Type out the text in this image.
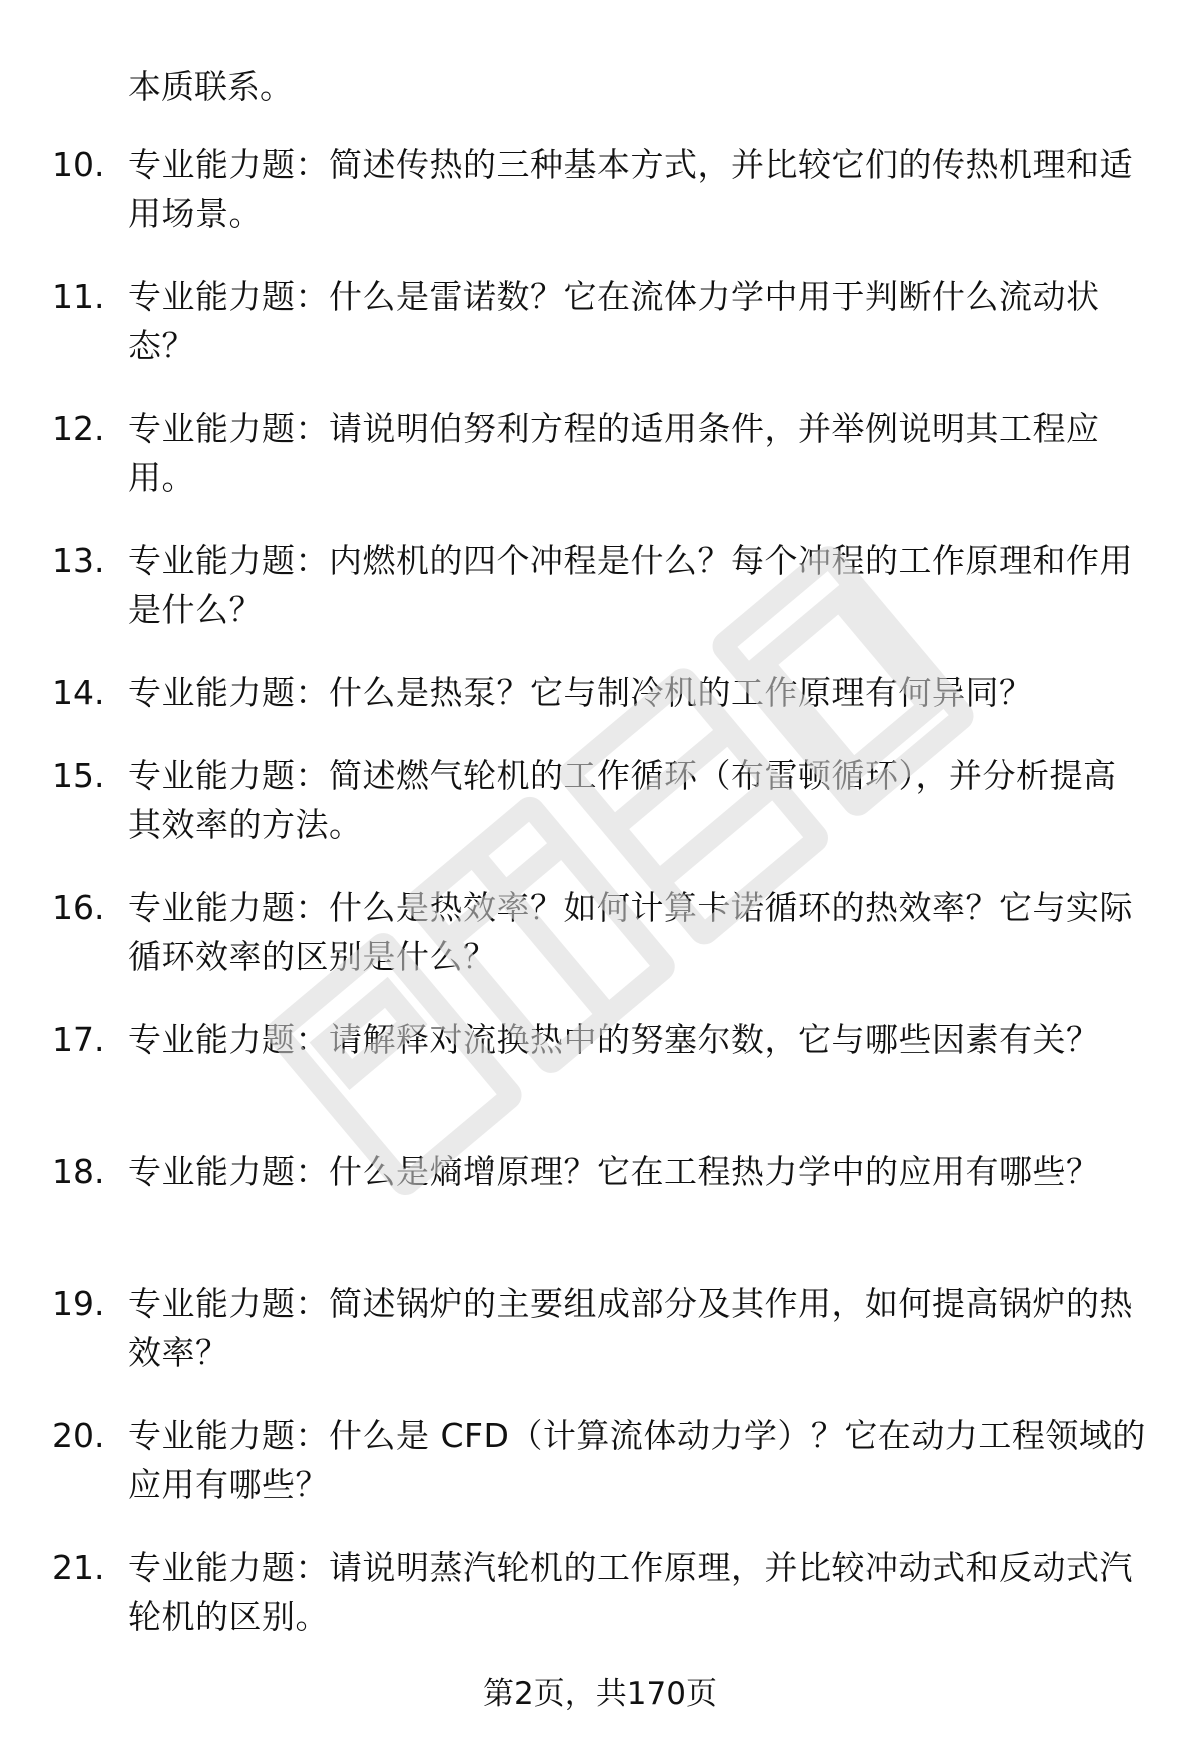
本质联系。
10. 专业能力题：简述传热的三种基本方式，并比较它们的传热机理和适用场景。
11. 专业能力题：什么是雷诺数？它在流体力学中用于判断什么流动状态？
12. 专业能力题：请说明伯努利方程的适用条件，并举例说明其工程应用。
13. 专业能力题：内燃机的四个冲程是什么？每个冲程的工作原理和作用是什么？
14. 专业能力题：什么是热泵？它与制冷机的工作原理有何异同？
15. 专业能力题：简述燃气轮机的工作循环（布雷顿循环），并分析提高其效率的方法。
16. 专业能力题：什么是热效率？如何计算卡诺循环的热效率？它与实际循环效率的区别是什么？
17. 专业能力题：请解释对流换热中的努塞尔数，它与哪些因素有关？
18. 专业能力题：什么是熵增原理？它在工程热力学中的应用有哪些？
19. 专业能力题：简述锅炉的主要组成部分及其作用，如何提高锅炉的热效率？
20. 专业能力题：什么是 CFD（计算流体动力学）？它在动力工程领域的应用有哪些？
21. 专业能力题：请说明蒸汽轮机的工作原理，并比较冲动式和反动式汽轮机的区别。
第2页，共170页
